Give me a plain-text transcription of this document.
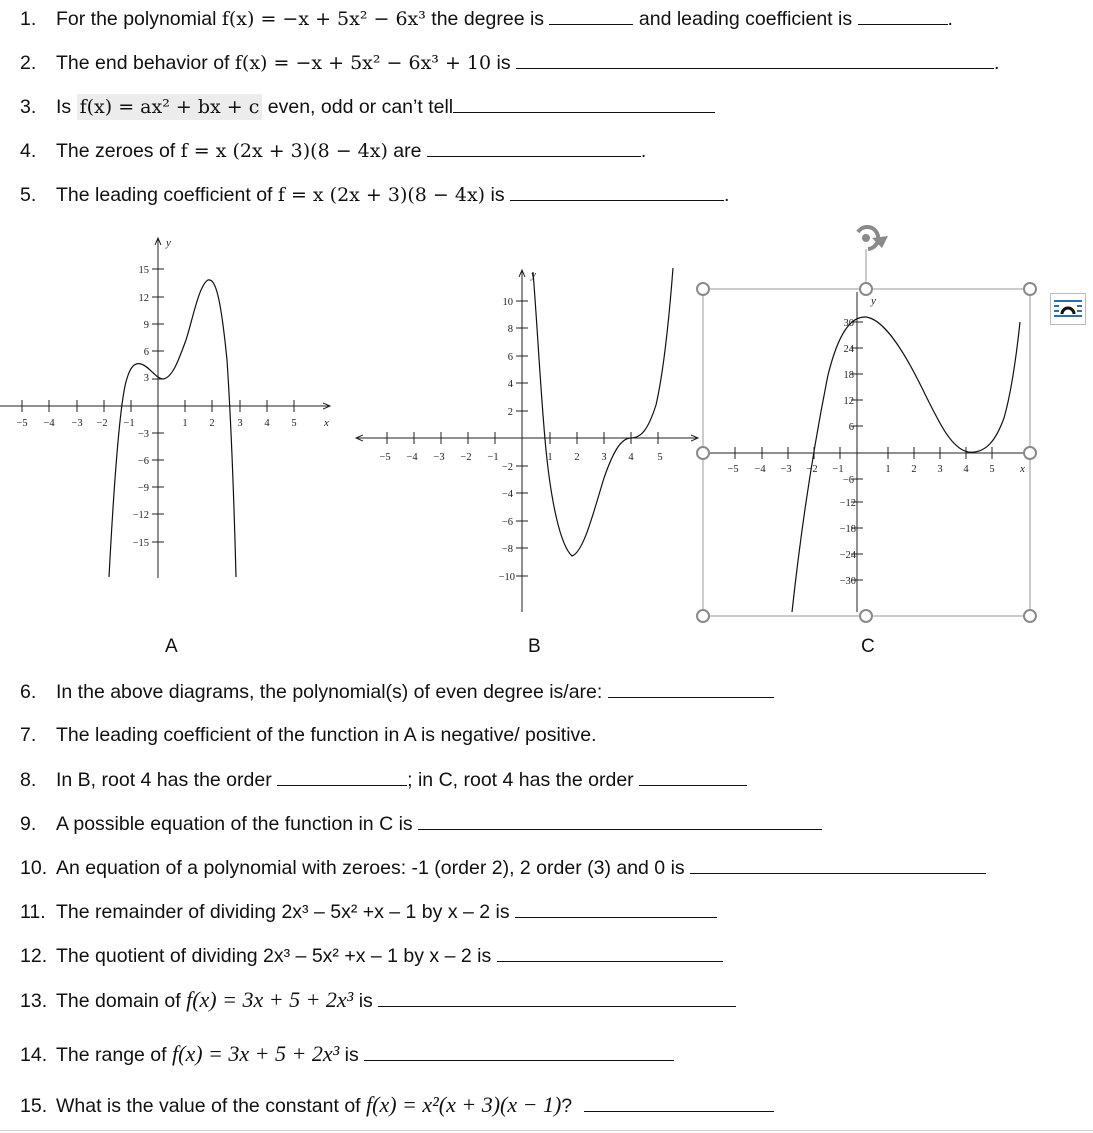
1. For the polynomial f(x) = −x + 5x² − 6x³ the degree is	and leading coefficient is	.
2. The end behavior of f(x) = −x + 5x² − 6x³ + 10 is	.
3. Is f(x) = ax² + bx + c even, odd or can’t tell
4. The zeroes of f = x (2x + 3)(8 − 4x) are	.
5. The leading coefficient of f = x (2x + 3)(8 − 4x) is	.
−5 −4 −3 −2 −1	1 2 3 4 5
15
12
9
6
3
−3
−6
−9
−12
−15
y
x
−5 −4 −3 −2 −1	1 2 3 4 5
10
8
6
4
2
−2
−4
−6
−8
−10
y
−5 −4 −3 −2 −1	1 2 3 4 5
30
24
18
12
6
−6
−12
−18
−24
−30
y
x
A	B	C
6. In the above diagrams, the polynomial(s) of even degree is/are:
7. The leading coefficient of the function in A is negative/ positive.
8. In B, root 4 has the order	; in C, root 4 has the order
9. A possible equation of the function in C is
10. An equation of a polynomial with zeroes: -1 (order 2), 2 order (3) and 0 is
11. The remainder of dividing 2x³ – 5x² +x – 1 by x – 2 is
12. The quotient of dividing 2x³ – 5x² +x – 1 by x – 2 is
13. The domain of f(x) = 3x + 5 + 2x³ is
14. The range of f(x) = 3x + 5 + 2x³ is
15. What is the value of the constant of f(x) = x²(x + 3)(x − 1)?
